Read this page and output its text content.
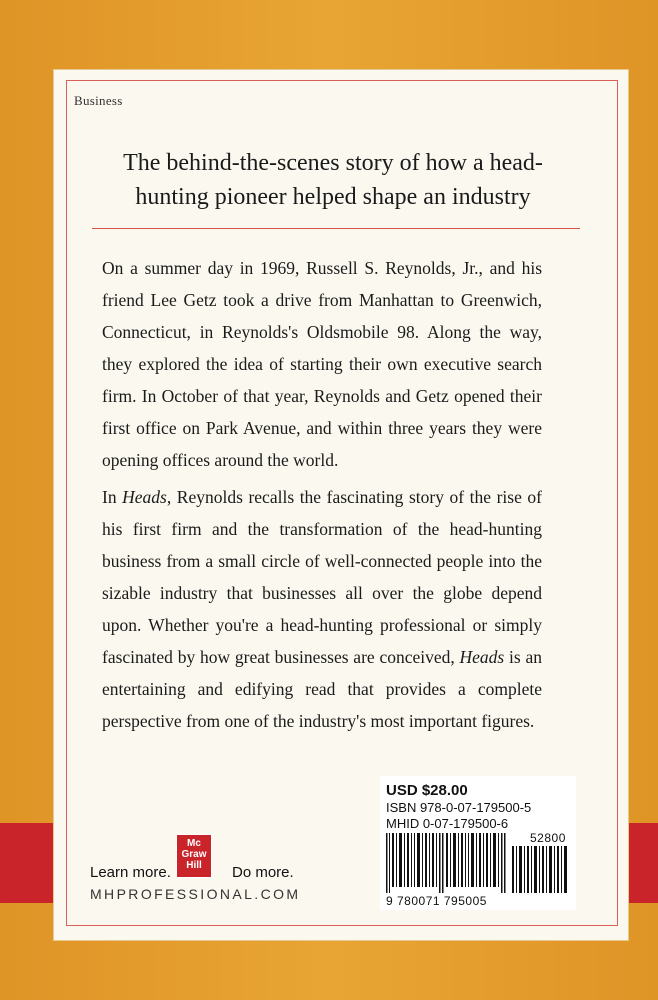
Business
The behind-the-scenes story of how a head-hunting pioneer helped shape an industry

On a summer day in 1969, Russell S. Reynolds, Jr., and his friend Lee Getz took a drive from Manhattan to Greenwich, Connecticut, in Reynolds's Oldsmobile 98. Along the way, they explored the idea of starting their own executive search firm. In October of that year, Reynolds and Getz opened their first office on Park Avenue, and within three years they were opening offices around the world.

In Heads, Reynolds recalls the fascinating story of the rise of his first firm and the transformation of the head-hunting business from a small circle of well-connected people into the sizable industry that businesses all over the globe depend upon. Whether you're a head-hunting professional or simply fascinated by how great businesses are conceived, Heads is an entertaining and edifying read that provides a complete perspective from one of the industry's most important figures.

USD $28.00
ISBN 978-0-07-179500-5
MHID 0-07-179500-6
9 780071 795005
52800
Mc
Graw
Hill
Learn more.	Do more.
MHPROFESSIONAL.COM
